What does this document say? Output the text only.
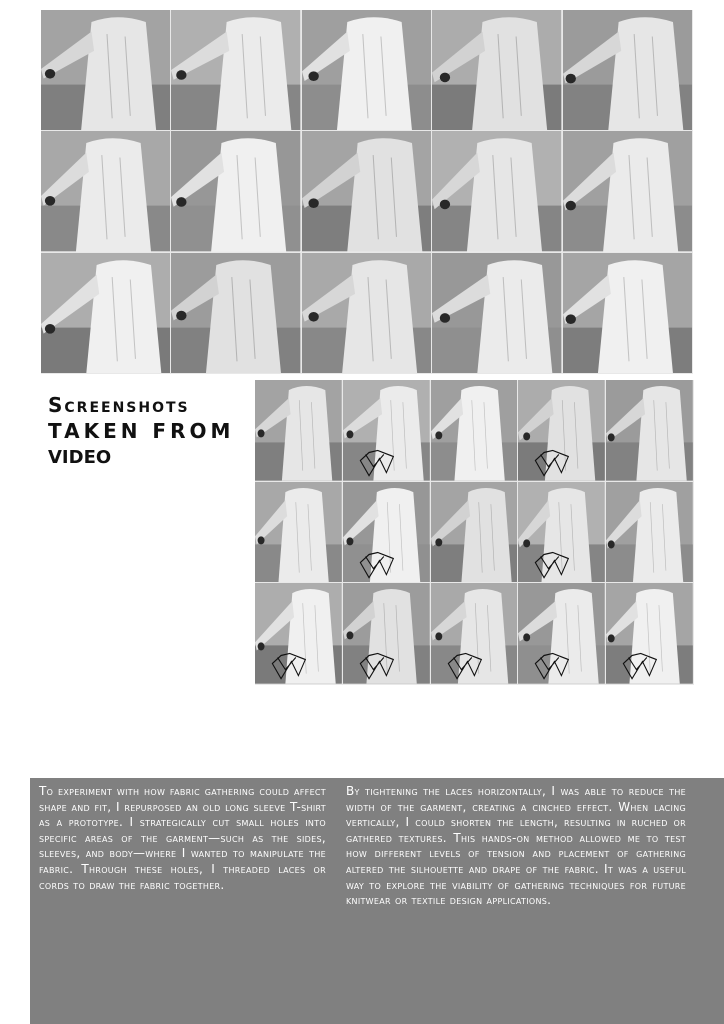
Screenshots
TAKEN FROM
VIDEO
To experiment with how fabric gathering could affect shape and fit, I repurposed an old long sleeve T-shirt as a prototype. I strategically cut small holes into specific areas of the garment—such as the sides, sleeves, and body—where I wanted to manipulate the fabric. Through these holes, I threaded laces or cords to draw the fabric together.
By tightening the laces horizontally, I was able to reduce the width of the garment, creating a cinched effect. When lacing vertically, I could shorten the length, resulting in ruched or gathered textures. This hands-on method allowed me to test how different levels of tension and placement of gathering altered the silhouette and drape of the fabric. It was a useful way to explore the viability of gathering techniques for future knitwear or textile design applications.
